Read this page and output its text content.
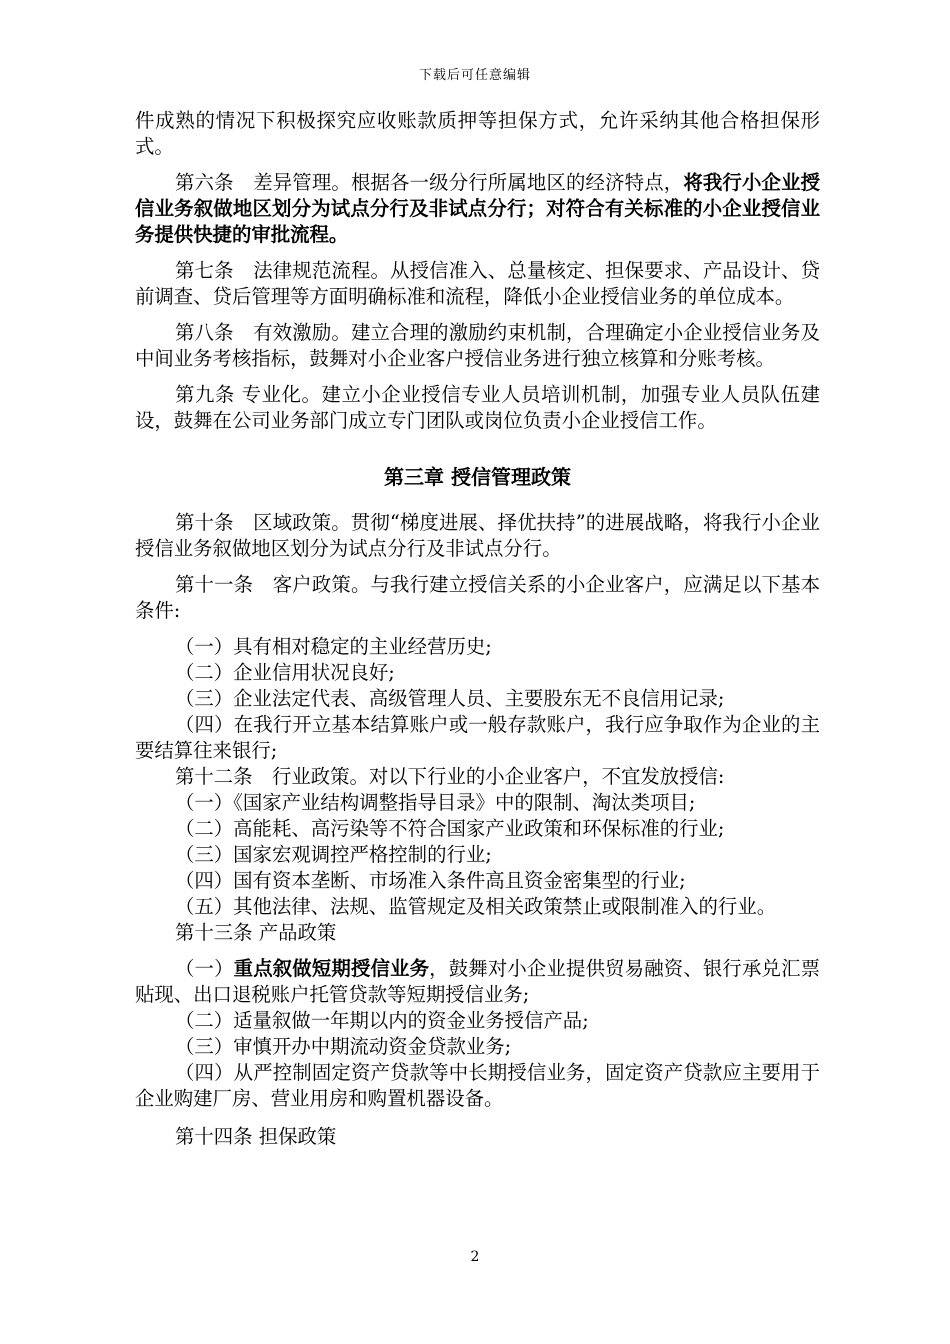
下载后可任意编辑

件成熟的情况下积极探究应收账款质押等担保方式，允许采纳其他合格担保形式。

第六条　差异管理。根据各一级分行所属地区的经济特点，将我行小企业授信业务叙做地区划分为试点分行及非试点分行；对符合有关标准的小企业授信业务提供快捷的审批流程。

第七条　法律规范流程。从授信准入、总量核定、担保要求、产品设计、贷前调查、贷后管理等方面明确标准和流程，降低小企业授信业务的单位成本。

第八条　有效激励。建立合理的激励约束机制，合理确定小企业授信业务及中间业务考核指标，鼓舞对小企业客户授信业务进行独立核算和分账考核。

第九条 专业化。建立小企业授信专业人员培训机制，加强专业人员队伍建设，鼓舞在公司业务部门成立专门团队或岗位负责小企业授信工作。

第三章 授信管理政策

第十条　区域政策。贯彻“梯度进展、择优扶持”的进展战略，将我行小企业授信业务叙做地区划分为试点分行及非试点分行。

第十一条　客户政策。与我行建立授信关系的小企业客户，应满足以下基本条件:

（一）具有相对稳定的主业经营历史;

（二）企业信用状况良好;

（三）企业法定代表、高级管理人员、主要股东无不良信用记录;

（四）在我行开立基本结算账户或一般存款账户，我行应争取作为企业的主要结算往来银行;

第十二条　行业政策。对以下行业的小企业客户，不宜发放授信:

（一）《国家产业结构调整指导目录》中的限制、淘汰类项目;

（二）高能耗、高污染等不符合国家产业政策和环保标准的行业;

（三）国家宏观调控严格控制的行业;

（四）国有资本垄断、市场准入条件高且资金密集型的行业;

（五）其他法律、法规、监管规定及相关政策禁止或限制准入的行业。

第十三条 产品政策

（一）重点叙做短期授信业务，鼓舞对小企业提供贸易融资、银行承兑汇票贴现、出口退税账户托管贷款等短期授信业务;

（二）适量叙做一年期以内的资金业务授信产品;

（三）审慎开办中期流动资金贷款业务;

（四）从严控制固定资产贷款等中长期授信业务，固定资产贷款应主要用于企业购建厂房、营业用房和购置机器设备。

第十四条 担保政策

2
